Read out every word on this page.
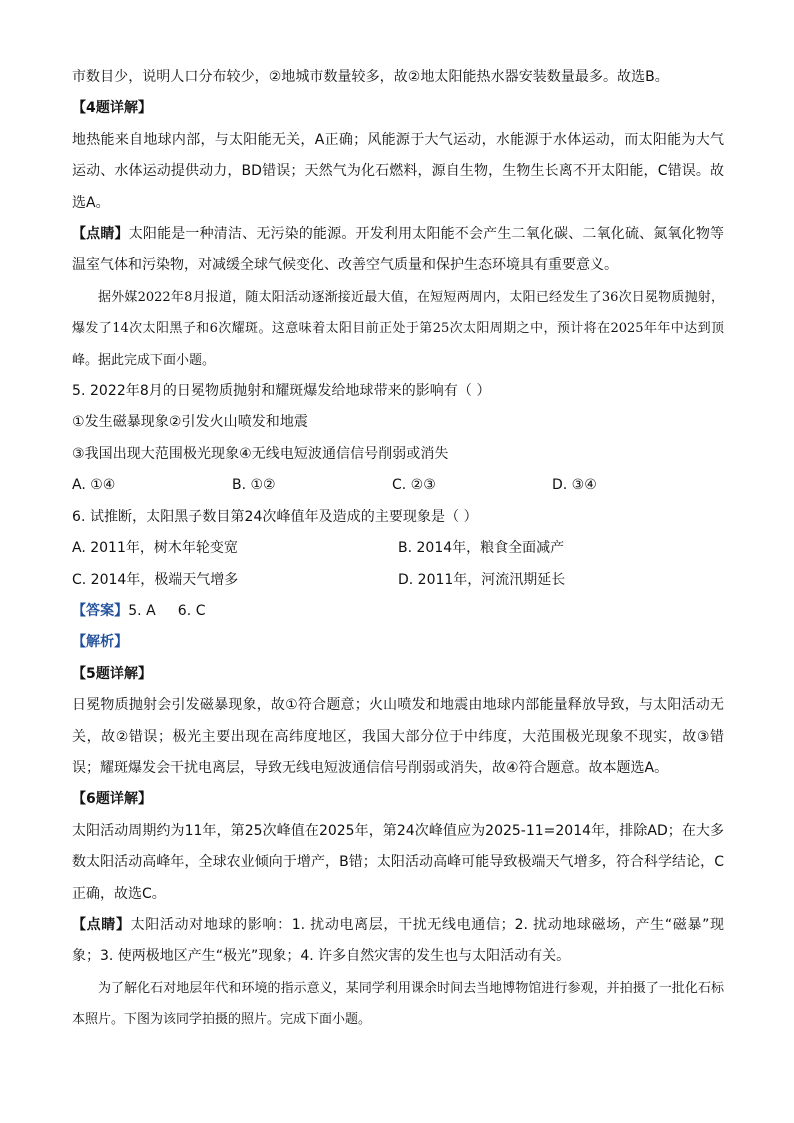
市数目少，说明人口分布较少，②地城市数量较多，故②地太阳能热水器安装数量最多。故选B。

【4题详解】

地热能来自地球内部，与太阳能无关，A正确；风能源于大气运动，水能源于水体运动，而太阳能为大气运动、水体运动提供动力，BD错误；天然气为化石燃料，源自生物，生物生长离不开太阳能，C错误。故选A。

【点睛】太阳能是一种清洁、无污染的能源。开发利用太阳能不会产生二氧化碳、二氧化硫、氮氧化物等温室气体和污染物，对减缓全球气候变化、改善空气质量和保护生态环境具有重要意义。

据外媒2022年8月报道，随太阳活动逐渐接近最大值，在短短两周内，太阳已经发生了36次日冕物质抛射，爆发了14次太阳黑子和6次耀斑。这意味着太阳目前正处于第25次太阳周期之中，预计将在2025年年中达到顶峰。据此完成下面小题。

5. 2022年8月的日冕物质抛射和耀斑爆发给地球带来的影响有（ ）

①发生磁暴现象②引发火山喷发和地震

③我国出现大范围极光现象④无线电短波通信信号削弱或消失

A. ①④	B. ①②	C. ②③	D. ③④

6. 试推断，太阳黑子数目第24次峰值年及造成的主要现象是（ ）

A. 2011年，树木年轮变宽	B. 2014年，粮食全面减产
C. 2014年，极端天气增多	D. 2011年，河流汛期延长

【答案】5. A 6. C

【解析】

【5题详解】

日冕物质抛射会引发磁暴现象，故①符合题意；火山喷发和地震由地球内部能量释放导致，与太阳活动无关，故②错误；极光主要出现在高纬度地区，我国大部分位于中纬度，大范围极光现象不现实，故③错误；耀斑爆发会干扰电离层，导致无线电短波通信信号削弱或消失，故④符合题意。故本题选A。

【6题详解】

太阳活动周期约为11年，第25次峰值在2025年，第24次峰值应为2025-11=2014年，排除AD；在大多数太阳活动高峰年，全球农业倾向于增产，B错；太阳活动高峰可能导致极端天气增多，符合科学结论，C正确，故选C。

【点睛】太阳活动对地球的影响：1. 扰动电离层，干扰无线电通信；2. 扰动地球磁场，产生“磁暴”现象；3. 使两极地区产生“极光”现象；4. 许多自然灾害的发生也与太阳活动有关。

为了解化石对地层年代和环境的指示意义，某同学利用课余时间去当地博物馆进行参观，并拍摄了一批化石标本照片。下图为该同学拍摄的照片。完成下面小题。
